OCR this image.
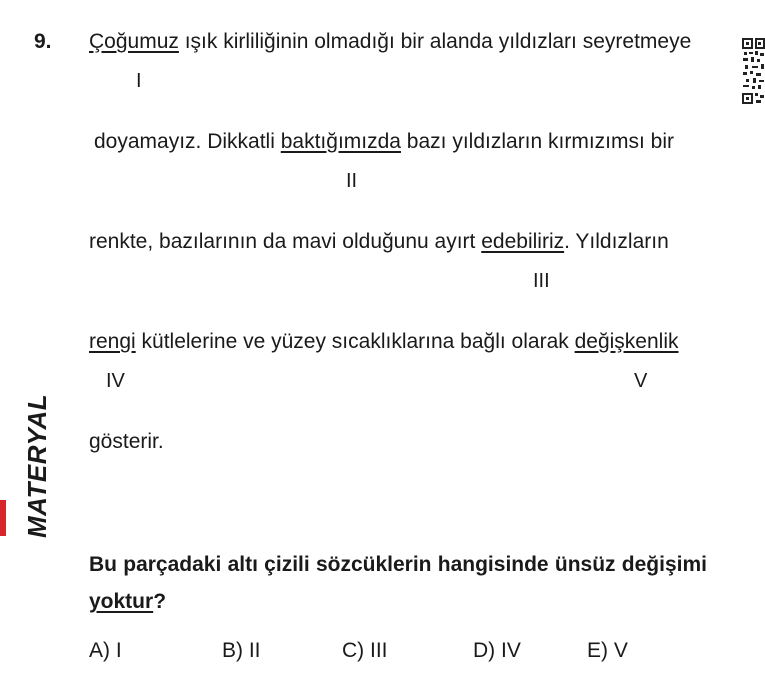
9. Çoğumuz ışık kirliliğinin olmadığı bir alanda yıldızları seyretmeye
I
doyamayız. Dikkatli baktığımızda bazı yıldızların kırmızımsı bir
II
renkte, bazılarının da mavi olduğunu ayırt edebiliriz. Yıldızların
III
rengi kütlelerine ve yüzey sıcaklıklarına bağlı olarak değişkenlik
IV	V
gösterir.
Bu parçadaki altı çizili sözcüklerin hangisinde ünsüz değişimi yoktur?
A) I	B) II	C) III	D) IV	E) V
MATERYAL
